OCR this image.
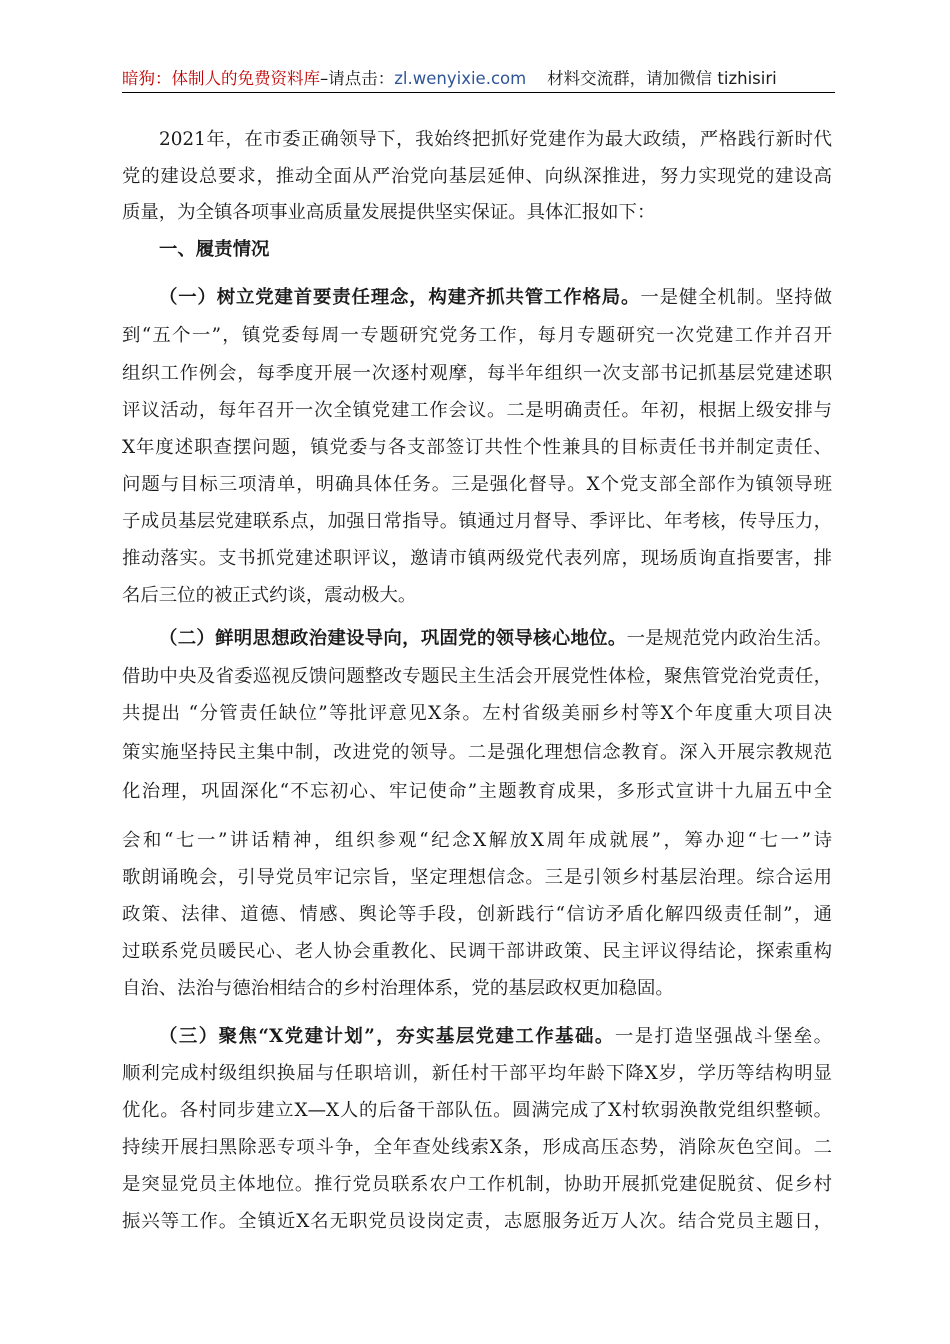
暗狗：体制人的免费资料库–请点击：zl.wenyixie.com 材料交流群，请加微信 tizhisiri
2021年，在市委正确领导下，我始终把抓好党建作为最大政绩，严格践行新时代
党的建设总要求，推动全面从严治党向基层延伸、向纵深推进，努力实现党的建设高
质量，为全镇各项事业高质量发展提供坚实保证。具体汇报如下：
一、履责情况
（一）树立党建首要责任理念，构建齐抓共管工作格局。一是健全机制。坚持做
到“五个一”，镇党委每周一专题研究党务工作，每月专题研究一次党建工作并召开
组织工作例会，每季度开展一次逐村观摩，每半年组织一次支部书记抓基层党建述职
评议活动，每年召开一次全镇党建工作会议。二是明确责任。年初，根据上级安排与
X年度述职查摆问题，镇党委与各支部签订共性个性兼具的目标责任书并制定责任、
问题与目标三项清单，明确具体任务。三是强化督导。X个党支部全部作为镇领导班
子成员基层党建联系点，加强日常指导。镇通过月督导、季评比、年考核，传导压力，
推动落实。支书抓党建述职评议，邀请市镇两级党代表列席，现场质询直指要害，排
名后三位的被正式约谈，震动极大。
（二）鲜明思想政治建设导向，巩固党的领导核心地位。一是规范党内政治生活。
借助中央及省委巡视反馈问题整改专题民主生活会开展党性体检，聚焦管党治党责任，
共提出 “分管责任缺位”等批评意见X条。左村省级美丽乡村等X个年度重大项目决
策实施坚持民主集中制，改进党的领导。二是强化理想信念教育。深入开展宗教规范
化治理，巩固深化“不忘初心、牢记使命”主题教育成果，多形式宣讲十九届五中全
会和“七一”讲话精神，组织参观“纪念X解放X周年成就展”，筹办迎“七一”诗
歌朗诵晚会，引导党员牢记宗旨，坚定理想信念。三是引领乡村基层治理。综合运用
政策、法律、道德、情感、舆论等手段，创新践行“信访矛盾化解四级责任制”，通
过联系党员暖民心、老人协会重教化、民调干部讲政策、民主评议得结论，探索重构
自治、法治与德治相结合的乡村治理体系，党的基层政权更加稳固。
（三）聚焦“X党建计划”，夯实基层党建工作基础。一是打造坚强战斗堡垒。
顺利完成村级组织换届与任职培训，新任村干部平均年龄下降X岁，学历等结构明显
优化。各村同步建立X—X人的后备干部队伍。圆满完成了X村软弱涣散党组织整顿。
持续开展扫黑除恶专项斗争，全年查处线索X条，形成高压态势，消除灰色空间。二
是突显党员主体地位。推行党员联系农户工作机制，协助开展抓党建促脱贫、促乡村
振兴等工作。全镇近X名无职党员设岗定责，志愿服务近万人次。结合党员主题日，
